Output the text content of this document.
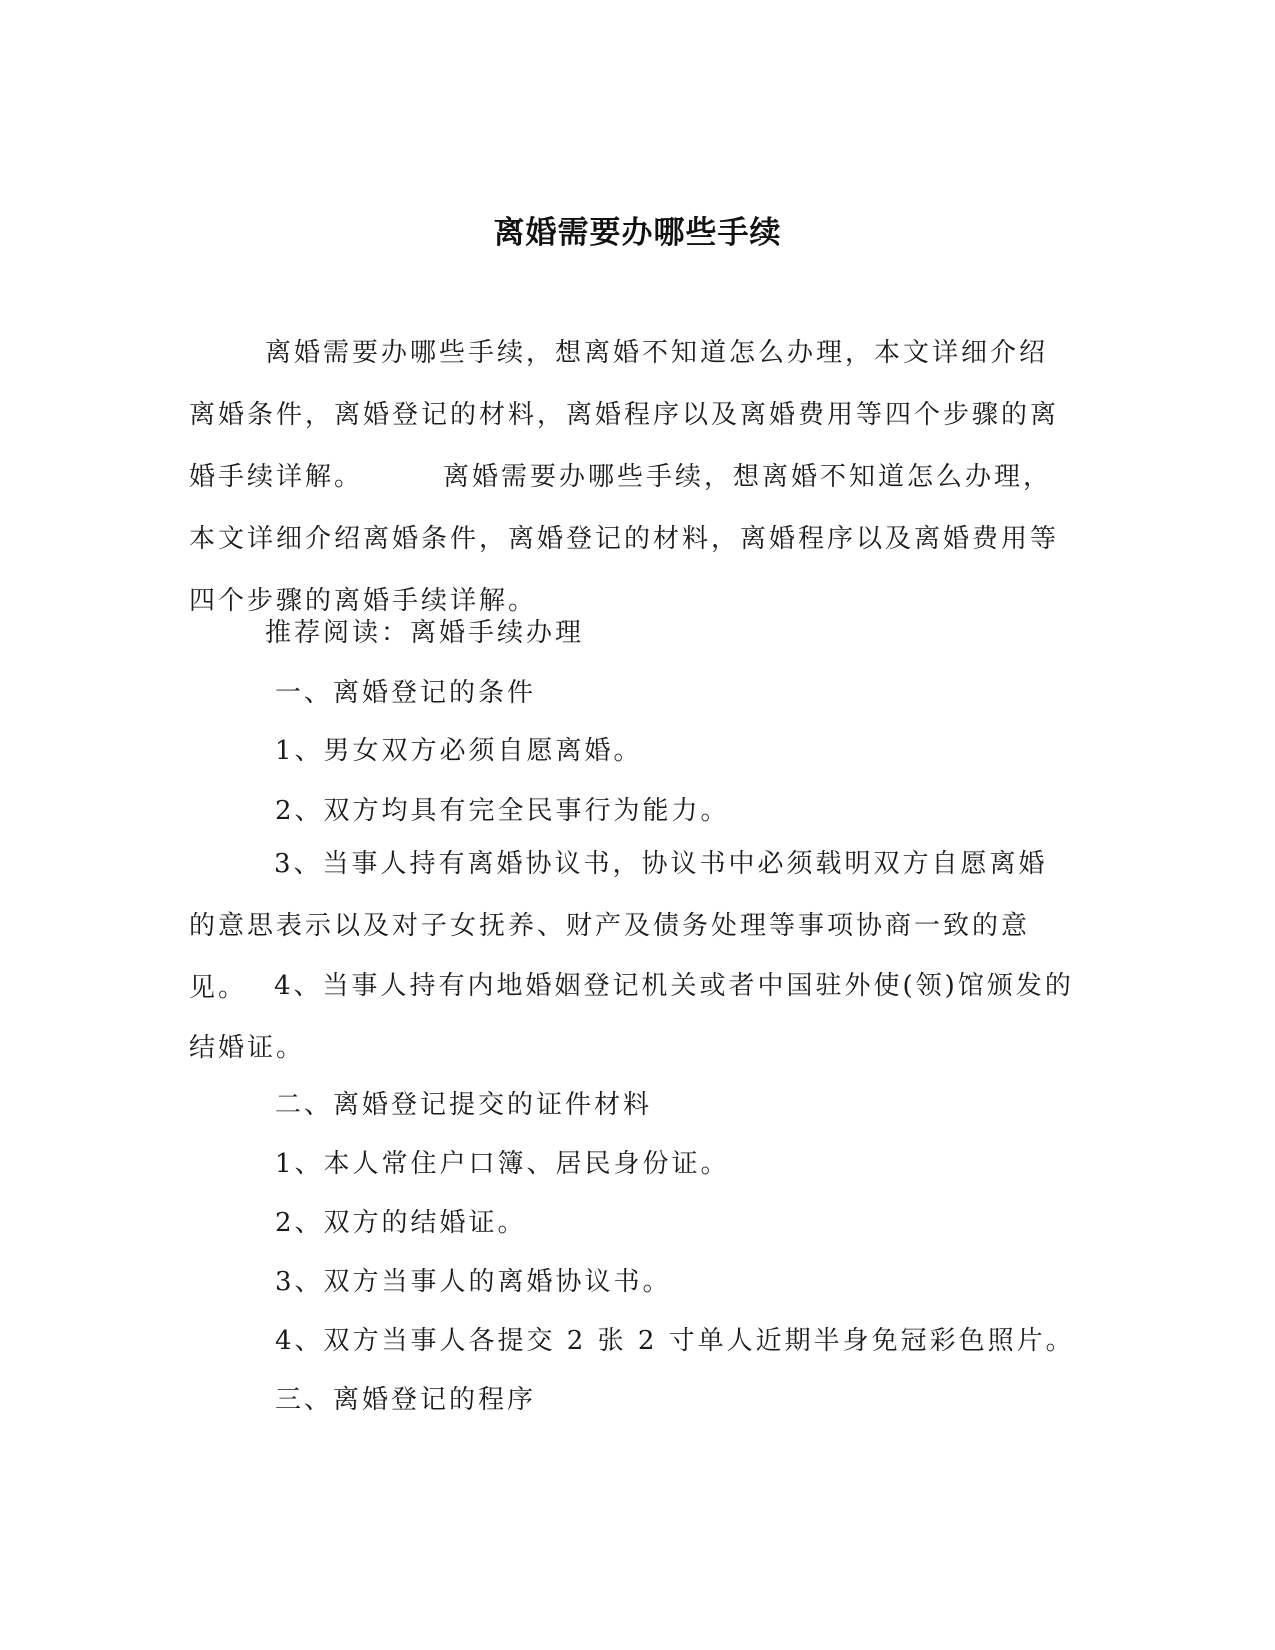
离婚需要办哪些手续

离婚需要办哪些手续，想离婚不知道怎么办理，本文详细介绍离婚条件，离婚登记的材料，离婚程序以及离婚费用等四个步骤的离婚手续详解。	离婚需要办哪些手续，想离婚不知道怎么办理，本文详细介绍离婚条件，离婚登记的材料，离婚程序以及离婚费用等四个步骤的离婚手续详解。

推荐阅读：离婚手续办理

一、离婚登记的条件

1、男女双方必须自愿离婚。

2、双方均具有完全民事行为能力。

3、当事人持有离婚协议书，协议书中必须载明双方自愿离婚的意思表示以及对子女抚养、财产及债务处理等事项协商一致的意见。	4、当事人持有内地婚姻登记机关或者中国驻外使(领)馆颁发的结婚证。

二、离婚登记提交的证件材料

1、本人常住户口簿、居民身份证。

2、双方的结婚证。

3、双方当事人的离婚协议书。

4、双方当事人各提交 2 张 2 寸单人近期半身免冠彩色照片。

三、离婚登记的程序
